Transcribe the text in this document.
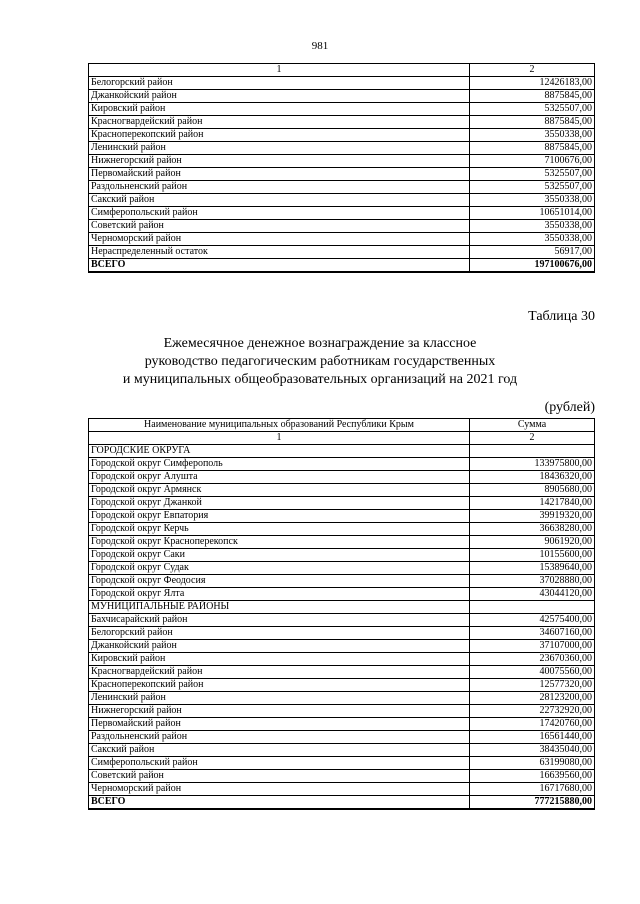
981
1	2
Белогорский район	12426183,00
Джанкойский район	8875845,00
Кировский район	5325507,00
Красногвардейский район	8875845,00
Красноперекопский район	3550338,00
Ленинский район	8875845,00
Нижнегорский район	7100676,00
Первомайский район	5325507,00
Раздольненский район	5325507,00
Сакский район	3550338,00
Симферопольский район	10651014,00
Советский район	3550338,00
Черноморский район	3550338,00
Нераспределенный остаток	56917,00
ВСЕГО	197100676,00
Таблица 30
Ежемесячное денежное вознаграждение за классное
руководство педагогическим работникам государственных
и муниципальных общеобразовательных организаций на 2021 год
(рублей)
Наименование муниципальных образований Республики Крым	Сумма
1	2
ГОРОДСКИЕ ОКРУГА	
Городской округ Симферополь	133975800,00
Городской округ Алушта	18436320,00
Городской округ Армянск	8905680,00
Городской округ Джанкой	14217840,00
Городской округ Евпатория	39919320,00
Городской округ Керчь	36638280,00
Городской округ Красноперекопск	9061920,00
Городской округ Саки	10155600,00
Городской округ Судак	15389640,00
Городской округ Феодосия	37028880,00
Городской округ Ялта	43044120,00
МУНИЦИПАЛЬНЫЕ РАЙОНЫ	
Бахчисарайский район	42575400,00
Белогорский район	34607160,00
Джанкойский район	37107000,00
Кировский район	23670360,00
Красногвардейский район	40075560,00
Красноперекопский район	12577320,00
Ленинский район	28123200,00
Нижнегорский район	22732920,00
Первомайский район	17420760,00
Раздольненский район	16561440,00
Сакский район	38435040,00
Симферопольский район	63199080,00
Советский район	16639560,00
Черноморский район	16717680,00
ВСЕГО	777215880,00
